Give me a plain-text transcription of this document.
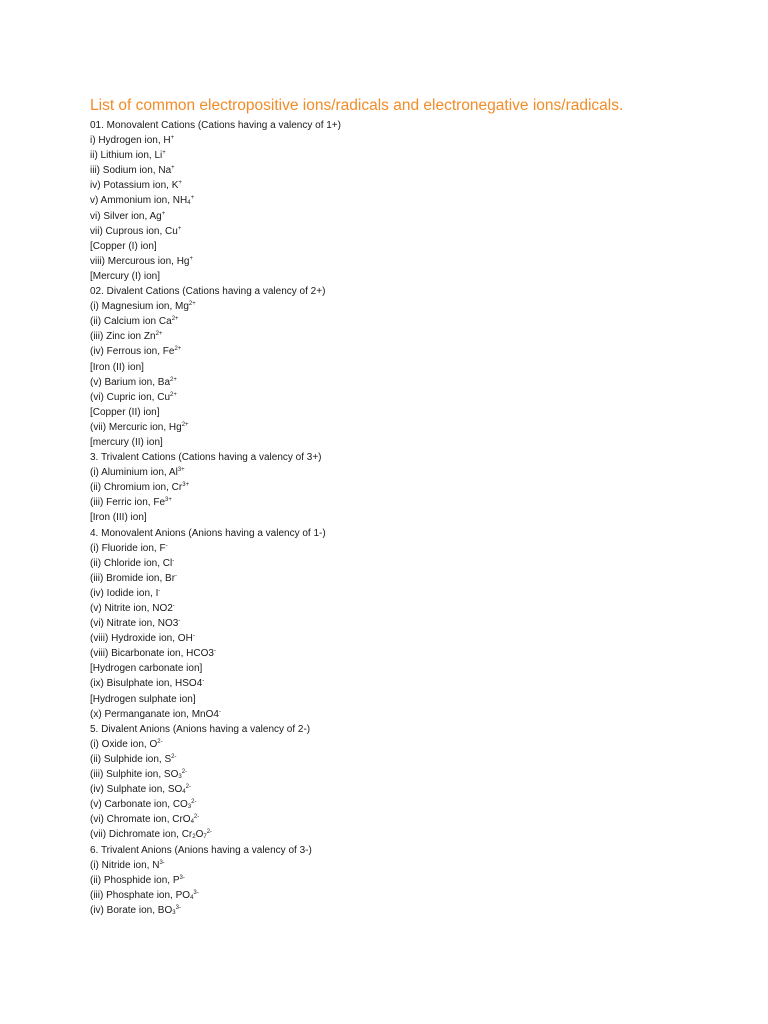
List of common electropositive ions/radicals and electronegative ions/radicals.
01. Monovalent Cations (Cations having a valency of 1+)
i) Hydrogen ion, H+
ii) Lithium ion, Li+
iii) Sodium ion, Na+
iv) Potassium ion, K+
v) Ammonium ion, $NH_4^+$
vi) Silver ion, Ag+
vii) Cuprous ion, Cu+
[Copper (I) ion]
viii) Mercurous ion, Hg+
[Mercury (I) ion]
02. Divalent Cations (Cations having a valency of 2+)
(i) Magnesium ion, $Mg^{2+}$
(ii) Calcium ion $Ca^{2+}$
(iii) Zinc ion $Zn^{2+}$
(iv) Ferrous ion, $Fe^{2+}$
[Iron (II) ion]
(v) Barium ion, $Ba^{2+}$
(vi) Cupric ion, $Cu^{2+}$
[Copper (II) ion]
(vii) Mercuric ion, $Hg^{2+}$
[mercury (II) ion]
3. Trivalent Cations (Cations having a valency of 3+)
(i) Aluminium ion, $Al^{3+}$
(ii) Chromium ion, $Cr^{3+}$
(iii) Ferric ion, $Fe^{3+}$
[Iron (III) ion]
4. Monovalent Anions (Anions having a valency of 1-)
(i) Fluoride ion, F-
(ii) Chloride ion, Cl-
(iii) Bromide ion, Br-
(iv) Iodide ion, I-
(v) Nitrite ion, NO2-
(vi) Nitrate ion, NO3-
(viii) Hydroxide ion, OH-
(viii) Bicarbonate ion, HCO3-
[Hydrogen carbonate ion]
(ix) Bisulphate ion, HSO4-
[Hydrogen sulphate ion]
(x) Permanganate ion, MnO4-
5. Divalent Anions (Anions having a valency of 2-)
(i) Oxide ion, $O^{2-}$
(ii) Sulphide ion, $S^{2-}$
(iii) Sulphite ion, $SO_3^{2-}$
(iv) Sulphate ion, $SO_4^{2-}$
(v) Carbonate ion, $CO_3^{2-}$
(vi) Chromate ion, CrO$_4^{2-}$
(vii) Dichromate ion, $Cr_2O_7^{2-}$
6. Trivalent Anions (Anions having a valency of 3-)
(i) Nitride ion, $N^{3-}$
(ii) Phosphide ion, $P^{3-}$
(iii) Phosphate ion, $PO_4^{3-}$
(iv) Borate ion, $BO_3^{3-}$
